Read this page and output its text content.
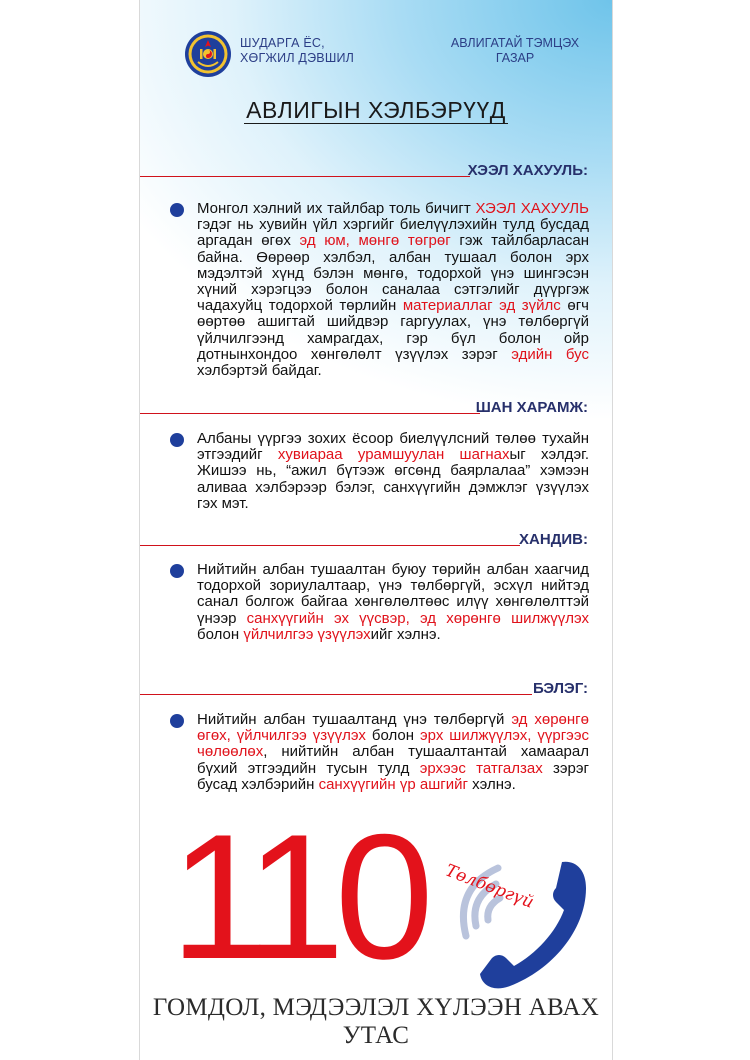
ШУДАРГА ЁС,
ХӨГЖИЛ ДЭВШИЛ
АВЛИГАТАЙ ТЭМЦЭХ
ГАЗАР
АВЛИГЫН ХЭЛБЭРҮҮД
ХЭЭЛ ХАХУУЛЬ:
Монгол хэлний их тайлбар толь бичигт ХЭЭЛ ХАХУУЛЬ гэдэг нь хувийн үйл хэргийг биелүүлэхийн тулд бусдад аргадан өгөх эд юм, мөнгө төгрөг гэж тайлбарласан байна. Өөрөөр хэлбэл, албан тушаал болон эрх мэдэлтэй хүнд бэлэн мөнгө, тодорхой үнэ шингэсэн хүний хэрэгцээ болон саналаа сэтгэлийг дүүргэж чадахуйц тодорхой төрлийн материаллаг эд зүйлс өгч өөртөө ашигтай шийдвэр гаргуулах, үнэ төлбөргүй үйлчилгээнд хамрагдах, гэр бүл болон ойр дотнынхондоо хөнгөлөлт үзүүлэх зэрэг эдийн бус хэлбэртэй байдаг.
ШАН ХАРАМЖ:
Албаны үүргээ зохих ёсоор биелүүлсний төлөө тухайн этгээдийг хувиараа урамшуулан шагнахыг хэлдэг. Жишээ нь, “ажил бүтээж өгсөнд баярлалаа” хэмээн аливаа хэлбэрээр бэлэг, санхүүгийн дэмжлэг үзүүлэх гэх мэт.
ХАНДИВ:
Нийтийн албан тушаалтан буюу төрийн албан хаагчид тодорхой зориулалтаар, үнэ төлбөргүй, эсхүл нийтэд санал болгож байгаа хөнгөлөлтөөс илүү хөнгөлөлттэй үнээр санхүүгийн эх үүсвэр, эд хөрөнгө шилжүүлэх болон үйлчилгээ үзүүлэхийг хэлнэ.
БЭЛЭГ:
Нийтийн албан тушаалтанд үнэ төлбөргүй эд хөрөнгө өгөх, үйлчилгээ үзүүлэх болон эрх шилжүүлэх, үүргээс чөлөөлөх, нийтийн албан тушаалтантай хамаарал бүхий этгээдийн тусын тулд эрхээс татгалзах зэрэг бусад хэлбэрийн санхүүгийн үр ашгийг хэлнэ.
110 Төлбөргүй
ГОМДОЛ, МЭДЭЭЛЭЛ ХҮЛЭЭН АВАХ УТАС
